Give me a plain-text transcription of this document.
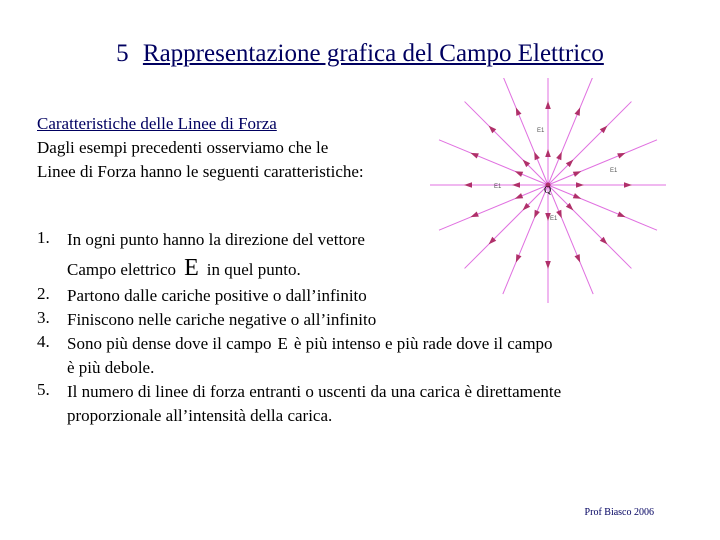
5 Rappresentazione grafica del Campo Elettrico
Caratteristiche delle Linee di Forza
Dagli esempi precedenti osserviamo che le
Linee di Forza hanno le seguenti caratteristiche:
Q
E1
E1
E1
E1
1. In ogni punto hanno la direzione del vettore
Campo elettrico E in quel punto.
2. Partono dalle cariche positive o dall’infinito
3. Finiscono nelle cariche negative o all’infinito
4. Sono più dense dove il campo E è più intenso e più rade dove il campo
è più debole.
5. Il numero di linee di forza entranti o uscenti da una carica è direttamente
proporzionale all’intensità della carica.
Prof Biasco 2006
